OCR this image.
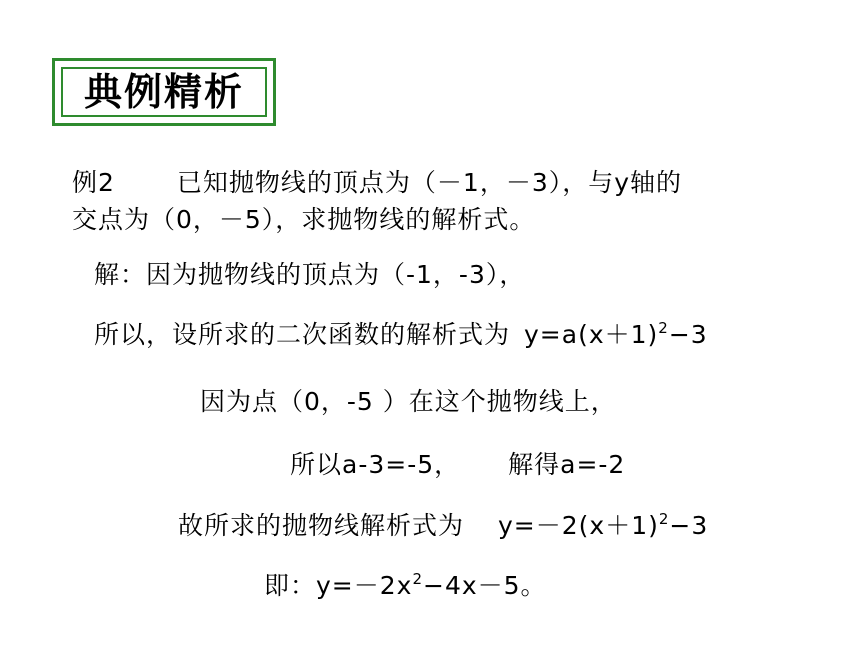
典例精析
例2 已知抛物线的顶点为（－1，－3），与y轴的
交点为（0，－5），求抛物线的解析式。
解：因为抛物线的顶点为（-1，-3），
所以，设所求的二次函数的解析式为 $y=a(x+1)^2-3$
因为点（0，-5 ）在这个抛物线上，
所以a-3=-5， 解得a=-2
故所求的抛物线解析式为 $y=-2(x+1)^2-3$
即：$y=-2x^2-4x-5$。
